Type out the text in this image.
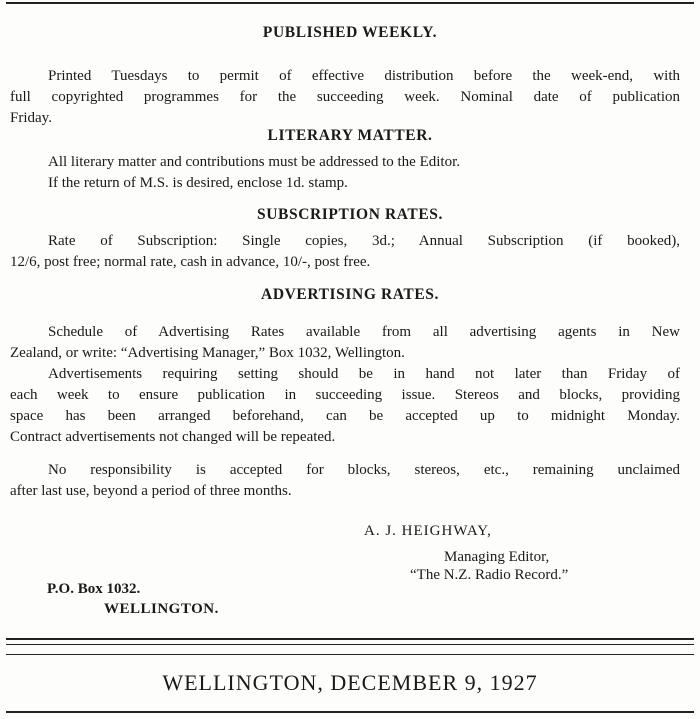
PUBLISHED WEEKLY.
Printed Tuesdays to permit of effective distribution before the week-end, with
full copyrighted programmes for the succeeding week. Nominal date of publication
Friday.
LITERARY MATTER.
All literary matter and contributions must be addressed to the Editor.
If the return of M.S. is desired, enclose 1d. stamp.
SUBSCRIPTION RATES.
Rate of Subscription: Single copies, 3d.; Annual Subscription (if booked),
12/6, post free; normal rate, cash in advance, 10/-, post free.
ADVERTISING RATES.
Schedule of Advertising Rates available from all advertising agents in New
Zealand, or write: “Advertising Manager,” Box 1032, Wellington.
Advertisements requiring setting should be in hand not later than Friday of
each week to ensure publication in succeeding issue. Stereos and blocks, providing
space has been arranged beforehand, can be accepted up to midnight Monday.
Contract advertisements not changed will be repeated.
No responsibility is accepted for blocks, stereos, etc., remaining unclaimed
after last use, beyond a period of three months.
A. J. HEIGHWAY,
Managing Editor,
“The N.Z. Radio Record.”
P.O. Box 1032.
WELLINGTON.
WELLINGTON, DECEMBER 9, 1927
